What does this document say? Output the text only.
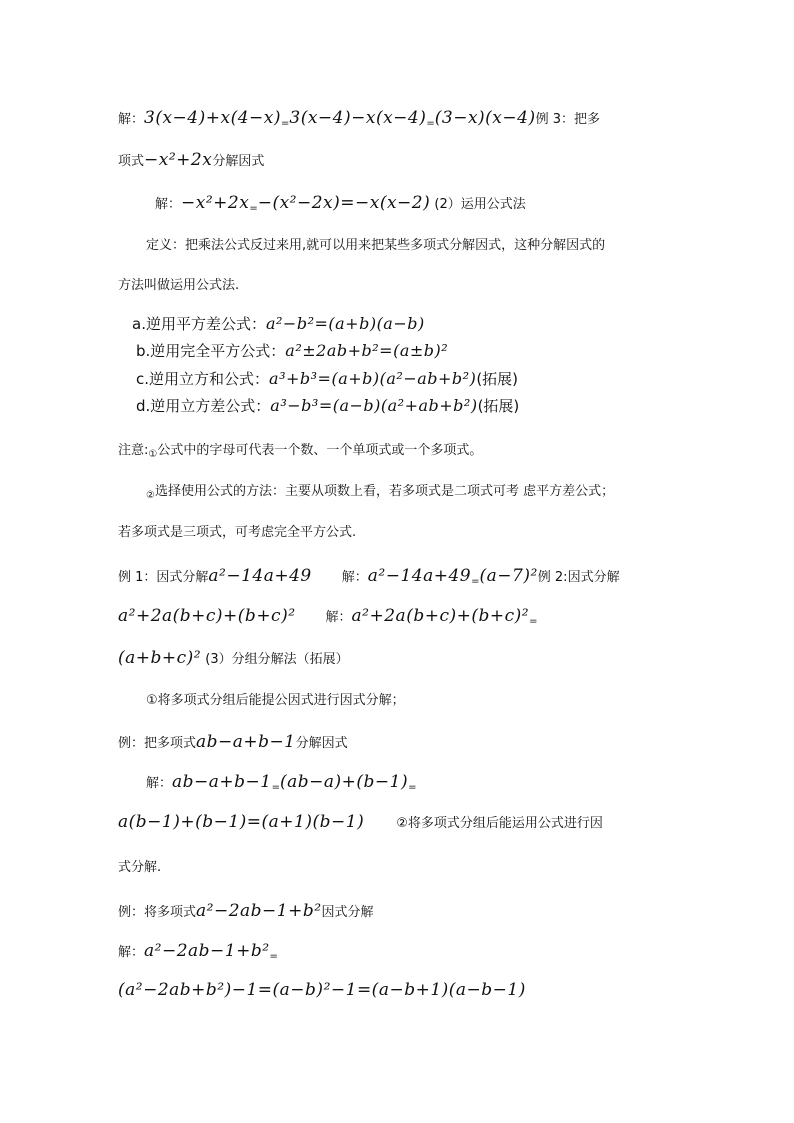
解：$3(x-4)+x(4-x)_=3(x-4)-x(x-4)_=(3-x)(x-4)$例 3：把多
项式−x²+2x分解因式
解：$-x^2+2x_=-(x^2-2x)=-x(x-2)$ (2）运用公式法
定义：把乘法公式反过来用,就可以用来把某些多项式分解因式，这种分解因式的
方法叫做运用公式法.
a.逆用平方差公式：a²−b²=(a+b)(a−b)
b.逆用完全平方公式：a²±2ab+b²=(a±b)²
c.逆用立方和公式：a³+b³=(a+b)(a²−ab+b²)(拓展)
d.逆用立方差公式：a³−b³=(a−b)(a²+ab+b²)(拓展)
注意$:_①$公式中的字母可代表一个数、一个单项式或一个多项式。
$_②$选择使用公式的方法：主要从项数上看，若多项式是二项式可考 虑平方差公式；
若多项式是三项式，可考虑完全平方公式.
例 1：因式分解a²−14a+49 解：$a^2-14a+49_=(a-7)^2$例 2:因式分解
a²+2a(b+c)+(b+c)² 解：$a^2+2a(b+c)+(b+c)^2_=$
(a+b+c)² (3）分组分解法（拓展）
①将多项式分组后能提公因式进行因式分解；
例：把多项式ab−a+b−1分解因式
解：$ab-a+b-1_=(ab-a)+(b-1)_=$
a(b−1)+(b−1)=(a+1)(b−1) ②将多项式分组后能运用公式进行因
式分解.
例：将多项式a²−2ab−1+b²因式分解
解：$a^2-2ab-1+b^2_=$
(a²−2ab+b²)−1=(a−b)²−1=(a−b+1)(a−b−1)
